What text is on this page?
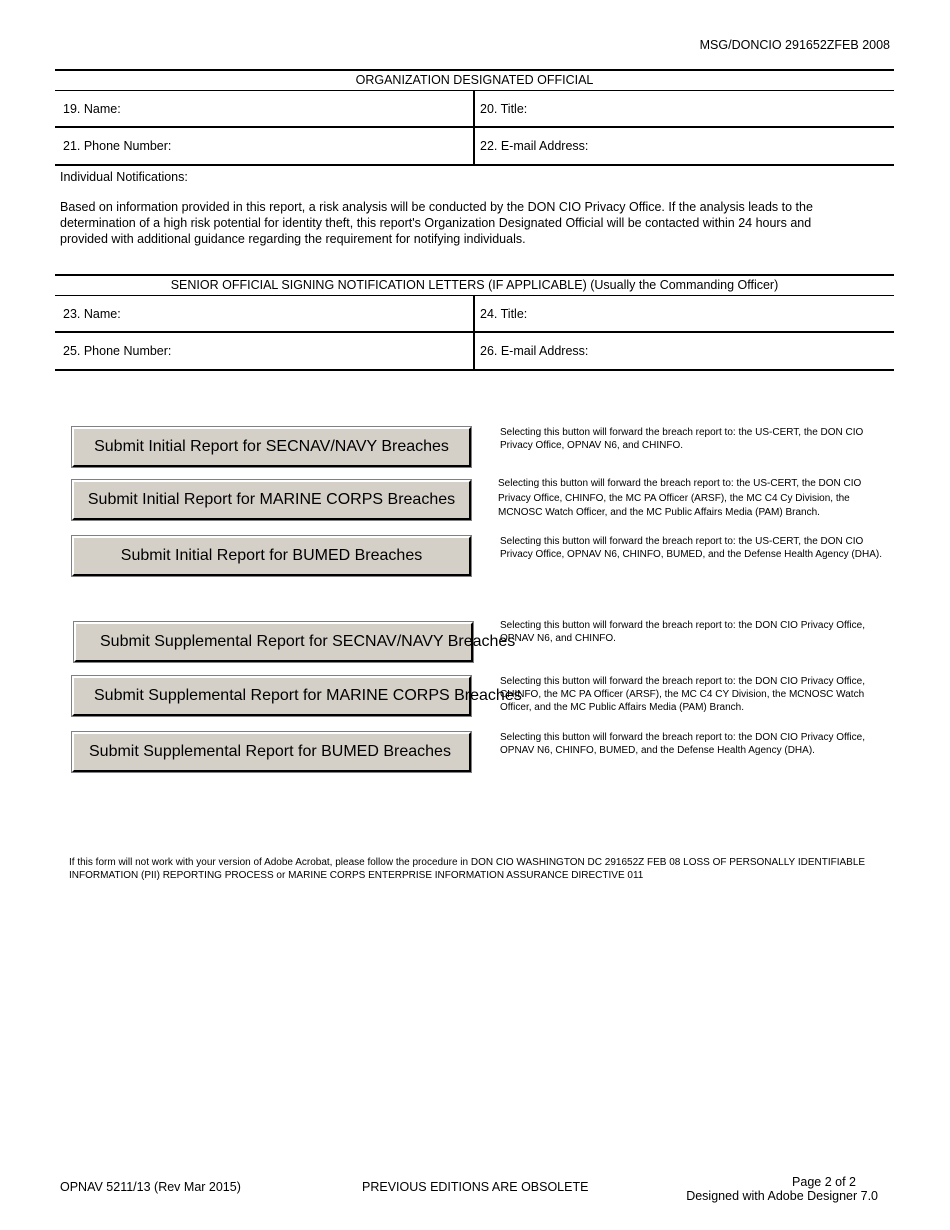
MSG/DONCIO 291652ZFEB 2008
ORGANIZATION DESIGNATED OFFICIAL
19. Name:	20. Title:
21. Phone Number:	22. E-mail Address:
Individual Notifications:
Based on information provided in this report, a risk analysis will be conducted by the DON CIO Privacy Office. If the analysis leads to the determination of a high risk potential for identity theft, this report's Organization Designated Official will be contacted within 24 hours and provided with additional guidance regarding the requirement for notifying individuals.
SENIOR OFFICIAL SIGNING NOTIFICATION LETTERS (IF APPLICABLE) (Usually the Commanding Officer)
23. Name:	24. Title:
25. Phone Number:	26. E-mail Address:
Submit Initial Report for SECNAV/NAVY Breaches
Selecting this button will forward the breach report to: the US-CERT, the DON CIO Privacy Office, OPNAV N6, and CHINFO.
Submit Initial Report for MARINE CORPS Breaches
Selecting this button will forward the breach report to: the US-CERT, the DON CIO Privacy Office, CHINFO, the MC PA Officer (ARSF), the MC C4 Cy Division, the MCNOSC Watch Officer, and the MC Public Affairs Media (PAM) Branch.
Submit Initial Report for BUMED Breaches
Selecting this button will forward the breach report to: the US-CERT, the DON CIO Privacy Office, OPNAV N6, CHINFO, BUMED, and the Defense Health Agency (DHA).
Submit Supplemental Report for SECNAV/NAVY Breaches
Selecting this button will forward the breach report to: the DON CIO Privacy Office, OPNAV N6, and CHINFO.
Submit Supplemental Report for MARINE CORPS Breaches
Selecting this button will forward the breach report to: the DON CIO Privacy Office, CHINFO, the MC PA Officer (ARSF), the MC C4 CY Division, the MCNOSC Watch Officer, and the MC Public Affairs Media (PAM) Branch.
Submit Supplemental Report for BUMED Breaches
Selecting this button will forward the breach report to: the DON CIO Privacy Office, OPNAV N6, CHINFO, BUMED, and the Defense Health Agency (DHA).
If this form will not work with your version of Adobe Acrobat, please follow the procedure in DON CIO WASHINGTON DC 291652Z FEB 08 LOSS OF PERSONALLY IDENTIFIABLE INFORMATION (PII) REPORTING PROCESS or MARINE CORPS ENTERPRISE INFORMATION ASSURANCE DIRECTIVE 011
OPNAV 5211/13 (Rev Mar 2015)	PREVIOUS EDITIONS ARE OBSOLETE	Page 2 of 2
Designed with Adobe Designer 7.0
